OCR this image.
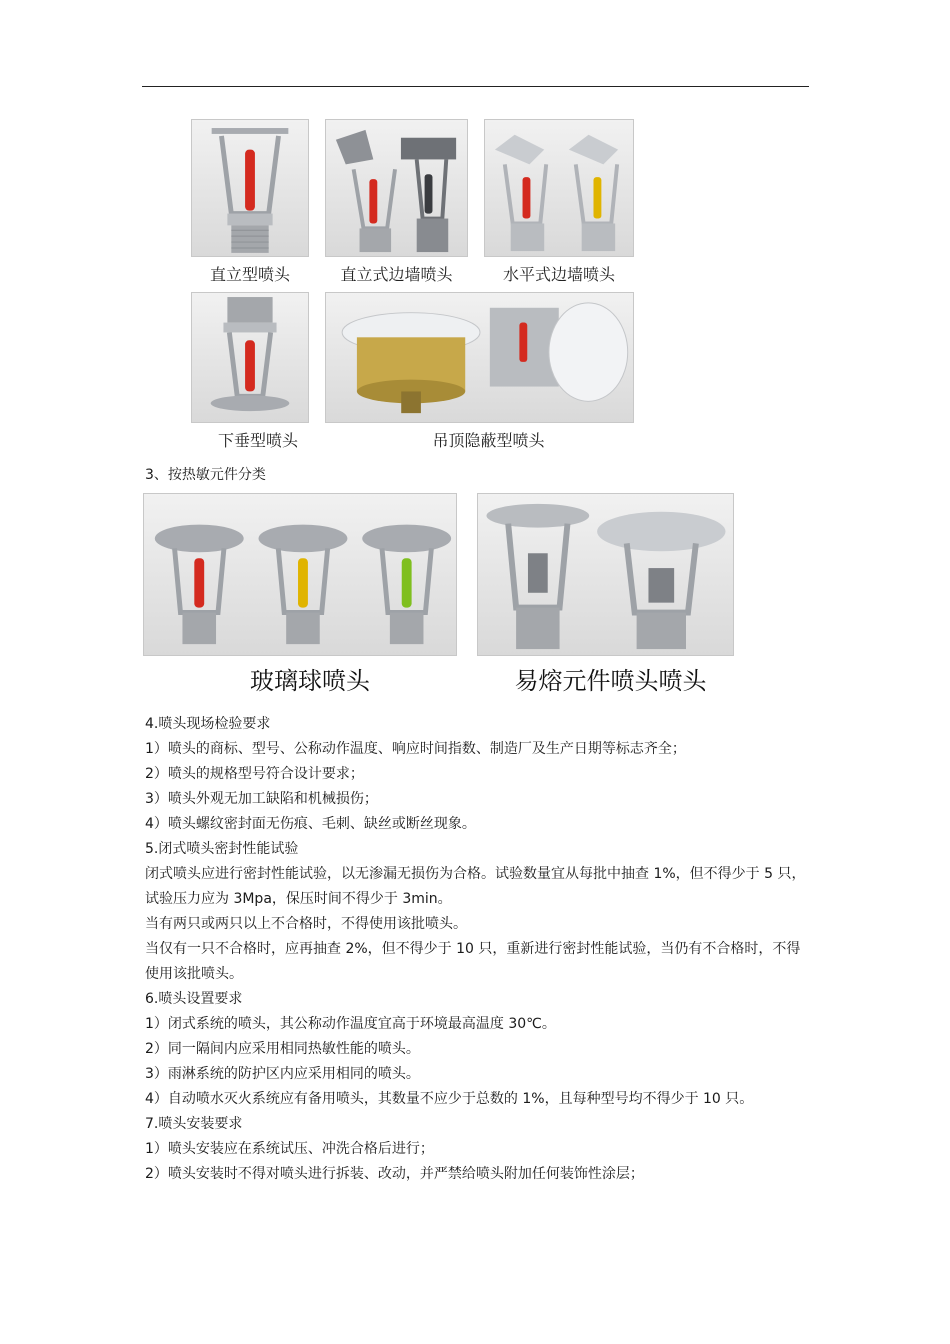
直立型喷头	直立式边墙喷头	水平式边墙喷头
下垂型喷头	吊顶隐蔽型喷头
3、按热敏元件分类
玻璃球喷头	易熔元件喷头喷头

4.喷头现场检验要求

1）喷头的商标、型号、公称动作温度、响应时间指数、制造厂及生产日期等标志齐全；

2）喷头的规格型号符合设计要求；

3）喷头外观无加工缺陷和机械损伤；

4）喷头螺纹密封面无伤痕、毛刺、缺丝或断丝现象。

5.闭式喷头密封性能试验

闭式喷头应进行密封性能试验，以无渗漏无损伤为合格。试验数量宜从每批中抽查 1%，但不得少于 5 只，试验压力应为 3Mpa，保压时间不得少于 3min。

当有两只或两只以上不合格时，不得使用该批喷头。

当仅有一只不合格时，应再抽查 2%，但不得少于 10 只，重新进行密封性能试验，当仍有不合格时，不得使用该批喷头。

6.喷头设置要求

1）闭式系统的喷头，其公称动作温度宜高于环境最高温度 30℃。

2）同一隔间内应采用相同热敏性能的喷头。

3）雨淋系统的防护区内应采用相同的喷头。

4）自动喷水灭火系统应有备用喷头，其数量不应少于总数的 1%，且每种型号均不得少于 10 只。

7.喷头安装要求

1）喷头安装应在系统试压、冲洗合格后进行；

2）喷头安装时不得对喷头进行拆装、改动，并严禁给喷头附加任何装饰性涂层；
